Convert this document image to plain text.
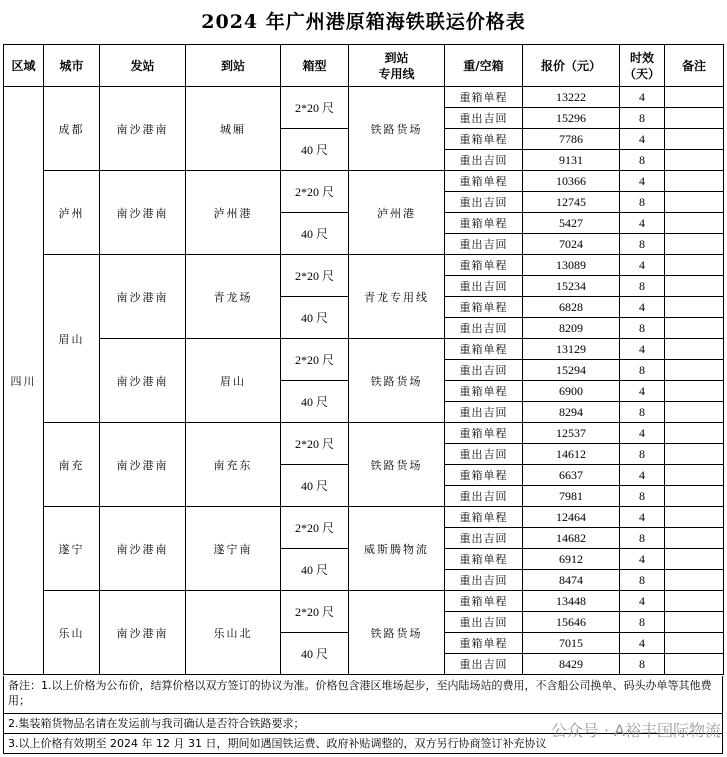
2024 年广州港原箱海铁联运价格表
区域	城市	发站	到站	箱型	到站
专用线	重/空箱	报价（元）	时效
（天）	备注
四川	成都	南沙港南	城厢	2*20 尺	铁路货场	重箱单程	13222	4	
						重出吉回	15296	8	
				40 尺		重箱单程	7786	4	
						重出吉回	9131	8	
	泸州	南沙港南	泸州港	2*20 尺	泸州港	重箱单程	10366	4	
						重出吉回	12745	8	
				40 尺		重箱单程	5427	4	
						重出吉回	7024	8	
	眉山	南沙港南	青龙场	2*20 尺	青龙专用线	重箱单程	13089	4	
						重出吉回	15234	8	
				40 尺		重箱单程	6828	4	
						重出吉回	8209	8	
		南沙港南	眉山	2*20 尺	铁路货场	重箱单程	13129	4	
						重出吉回	15294	8	
				40 尺		重箱单程	6900	4	
						重出吉回	8294	8	
	南充	南沙港南	南充东	2*20 尺	铁路货场	重箱单程	12537	4	
						重出吉回	14612	8	
				40 尺		重箱单程	6637	4	
						重出吉回	7981	8	
	遂宁	南沙港南	遂宁南	2*20 尺	威斯腾物流	重箱单程	12464	4	
						重出吉回	14682	8	
				40 尺		重箱单程	6912	4	
						重出吉回	8474	8	
	乐山	南沙港南	乐山北	2*20 尺	铁路货场	重箱单程	13448	4	
						重出吉回	15646	8	
				40 尺		重箱单程	7015	4	
						重出吉回	8429	8	
备注：1.以上价格为公布价，结算价格以双方签订的协议为准。价格包含港区堆场起步，至内陆场站的费用，不含船公司换单、码头办单等其他费用；
2.集装箱货物品名请在发运前与我司确认是否符合铁路要求；
3.以上价格有效期至 2024 年 12 月 31 日，期间如遇国铁运费、政府补贴调整的，双方另行协商签订补充协议
公众号 · A裕丰国际物流
